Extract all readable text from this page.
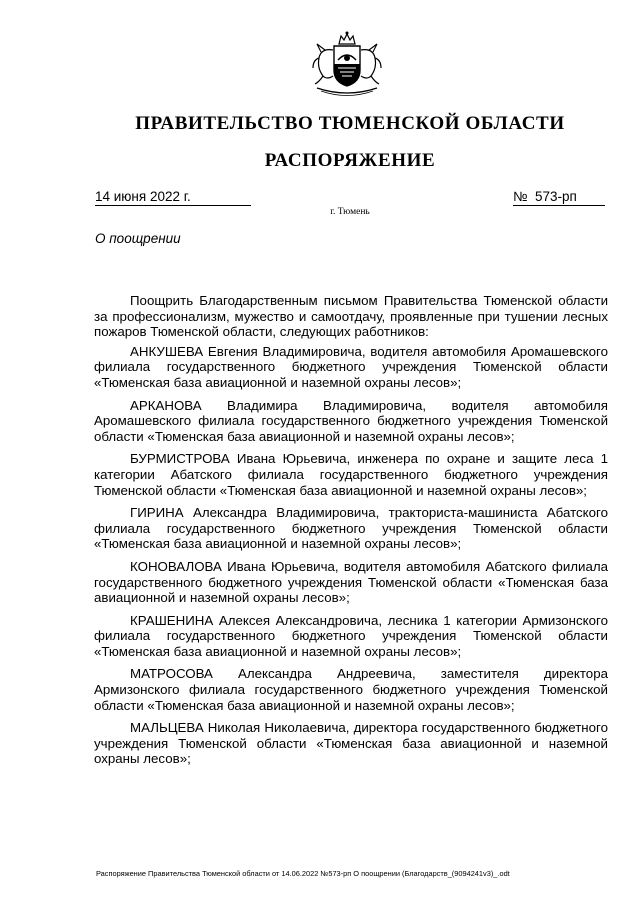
ПРАВИТЕЛЬСТВО ТЮМЕНСКОЙ ОБЛАСТИ
РАСПОРЯЖЕНИЕ
14 июня 2022 г.	№ 573-рп
г. Тюмень
О поощрении

Поощрить Благодарственным письмом Правительства Тюменской области за профессионализм, мужество и самоотдачу, проявленные при тушении лесных пожаров Тюменской области, следующих работников:

АНКУШЕВА Евгения Владимировича, водителя автомобиля Аромашевского филиала государственного бюджетного учреждения Тюменской области «Тюменская база авиационной и наземной охраны лесов»;

АРКАНОВА Владимира Владимировича, водителя автомобиля Аромашевского филиала государственного бюджетного учреждения Тюменской области «Тюменская база авиационной и наземной охраны лесов»;

БУРМИСТРОВА Ивана Юрьевича, инженера по охране и защите леса 1 категории Абатского филиала государственного бюджетного учреждения Тюменской области «Тюменская база авиационной и наземной охраны лесов»;

ГИРИНА Александра Владимировича, тракториста-машиниста Абатского филиала государственного бюджетного учреждения Тюменской области «Тюменская база авиационной и наземной охраны лесов»;

КОНОВАЛОВА Ивана Юрьевича, водителя автомобиля Абатского филиала государственного бюджетного учреждения Тюменской области «Тюменская база авиационной и наземной охраны лесов»;

КРАШЕНИНА Алексея Александровича, лесника 1 категории Армизонского филиала государственного бюджетного учреждения Тюменской области «Тюменская база авиационной и наземной охраны лесов»;

МАТРОСОВА Александра Андреевича, заместителя директора Армизонского филиала государственного бюджетного учреждения Тюменской области «Тюменская база авиационной и наземной охраны лесов»;

МАЛЬЦЕВА Николая Николаевича, директора государственного бюджетного учреждения Тюменской области «Тюменская база авиационной и наземной охраны лесов»;

Распоряжение Правительства Тюменской области от 14.06.2022 №573-рп О поощрении (Благодарств_(9094241v3)_.odt
